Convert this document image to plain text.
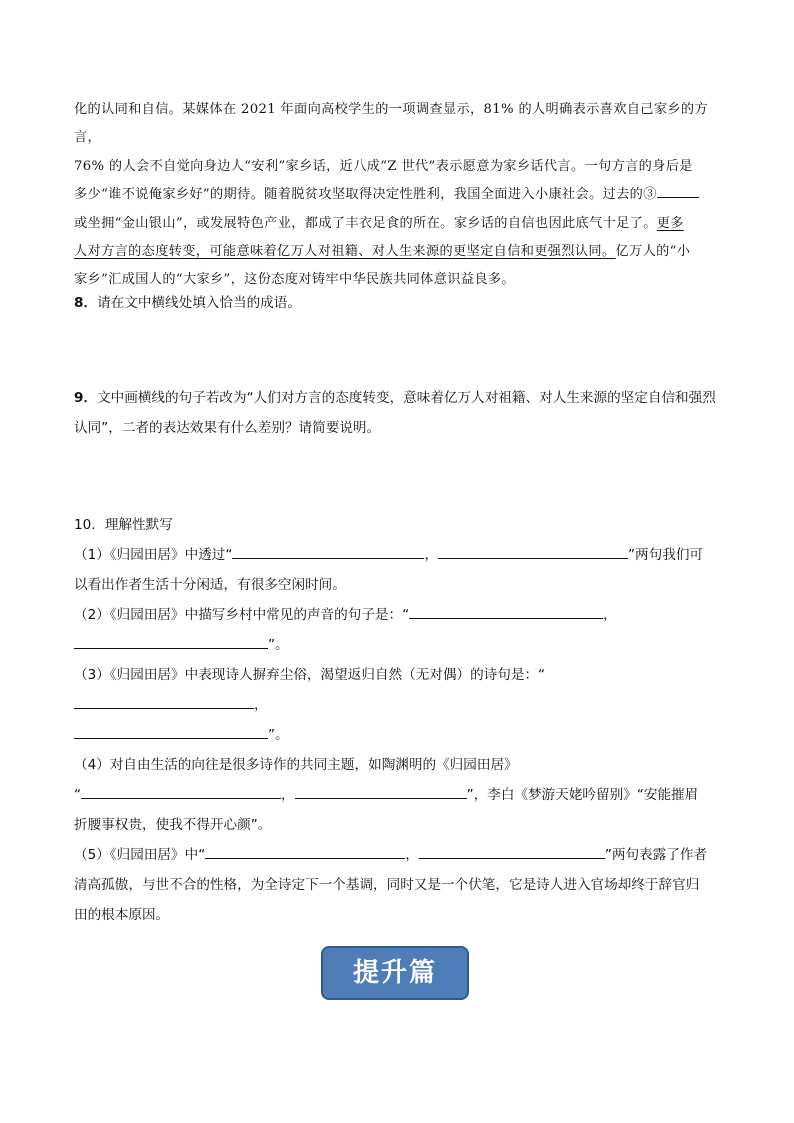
化的认同和自信。某媒体在 2021 年面向高校学生的一项调查显示，81% 的人明确表示喜欢自己家乡的方言，
76% 的人会不自觉向身边人“安利”家乡话，近八成“Z 世代”表示愿意为家乡话代言。一句方言的身后是
多少“谁不说俺家乡好”的期待。随着脱贫攻坚取得决定性胜利，我国全面进入小康社会。过去的③
或坐拥“金山银山”，或发展特色产业，都成了丰衣足食的所在。家乡话的自信也因此底气十足了。更多
人对方言的态度转变，可能意味着亿万人对祖籍、对人生来源的更坚定自信和更强烈认同。亿万人的“小
家乡”汇成国人的“大家乡”，这份态度对铸牢中华民族共同体意识益良多。
8．请在文中横线处填入恰当的成语。
9．文中画横线的句子若改为“人们对方言的态度转变，意味着亿万人对祖籍、对人生来源的坚定自信和强烈
认同”，二者的表达效果有什么差别？请简要说明。
10．理解性默写
（1）《归园田居》中透过“	，	”两句我们可
以看出作者生活十分闲适，有很多空闲时间。
（2）《归园田居》中描写乡村中常见的声音的句子是：“	，
”。
（3）《归园田居》中表现诗人摒弃尘俗，渴望返归自然（无对偶）的诗句是：“，
”。
（4）对自由生活的向往是很多诗作的共同主题，如陶渊明的《归园田居》
“	，	”，李白《梦游天姥吟留别》“安能摧眉
折腰事权贵，使我不得开心颜”。
（5）《归园田居》中“	，	”两句表露了作者
清高孤傲，与世不合的性格，为全诗定下一个基调，同时又是一个伏笔，它是诗人进入官场却终于辞官归
田的根本原因。
提升篇
